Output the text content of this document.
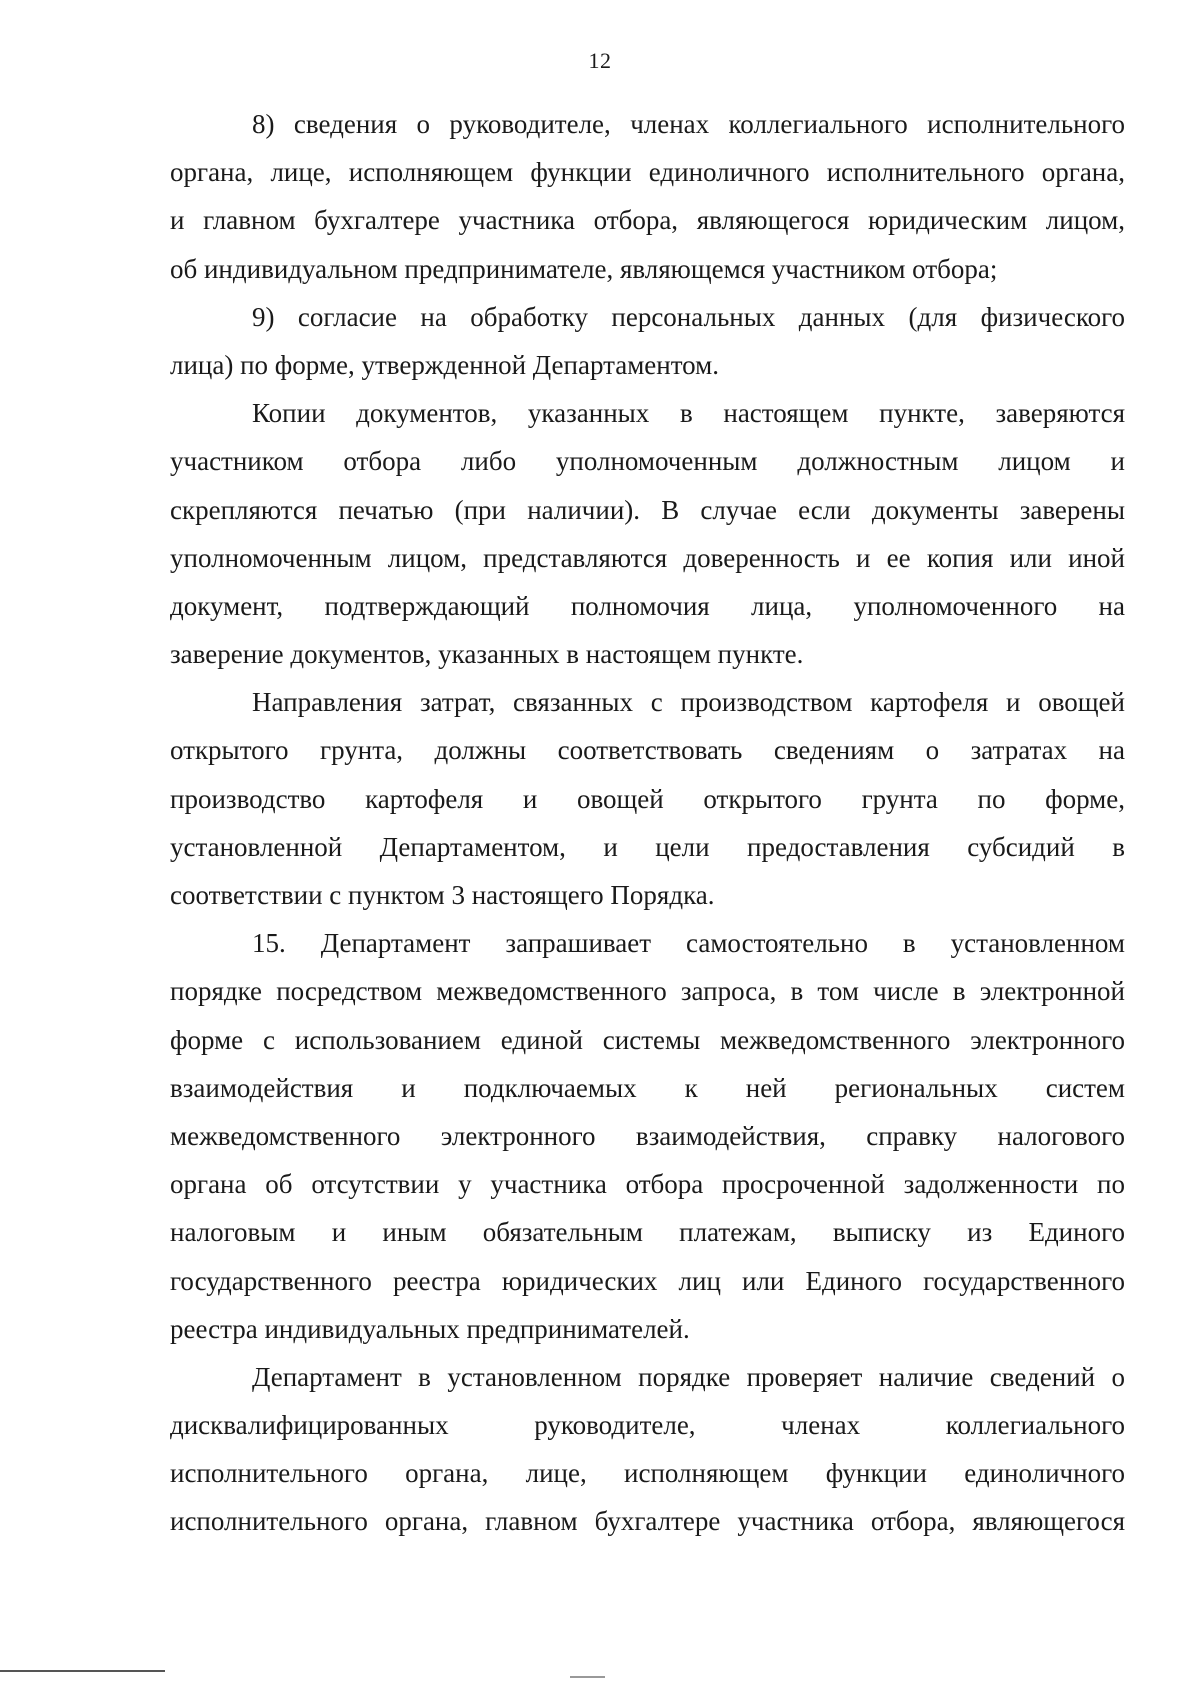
12
8) сведения о руководителе, членах коллегиального исполнительного
органа, лице, исполняющем функции единоличного исполнительного органа,
и главном бухгалтере участника отбора, являющегося юридическим лицом,
об индивидуальном предпринимателе, являющемся участником отбора;
9) согласие на обработку персональных данных (для физического
лица) по форме, утвержденной Департаментом.
Копии документов, указанных в настоящем пункте, заверяются
участником отбора либо уполномоченным должностным лицом и
скрепляются печатью (при наличии). В случае если документы заверены
уполномоченным лицом, представляются доверенность и ее копия или иной
документ, подтверждающий полномочия лица, уполномоченного на
заверение документов, указанных в настоящем пункте.
Направления затрат, связанных с производством картофеля и овощей
открытого грунта, должны соответствовать сведениям о затратах на
производство картофеля и овощей открытого грунта по форме,
установленной Департаментом, и цели предоставления субсидий в
соответствии с пунктом 3 настоящего Порядка.
15. Департамент запрашивает самостоятельно в установленном
порядке посредством межведомственного запроса, в том числе в электронной
форме с использованием единой системы межведомственного электронного
взаимодействия и подключаемых к ней региональных систем
межведомственного электронного взаимодействия, справку налогового
органа об отсутствии у участника отбора просроченной задолженности по
налоговым и иным обязательным платежам, выписку из Единого
государственного реестра юридических лиц или Единого государственного
реестра индивидуальных предпринимателей.
Департамент в установленном порядке проверяет наличие сведений о
дисквалифицированных руководителе, членах коллегиального
исполнительного органа, лице, исполняющем функции единоличного
исполнительного органа, главном бухгалтере участника отбора, являющегося
